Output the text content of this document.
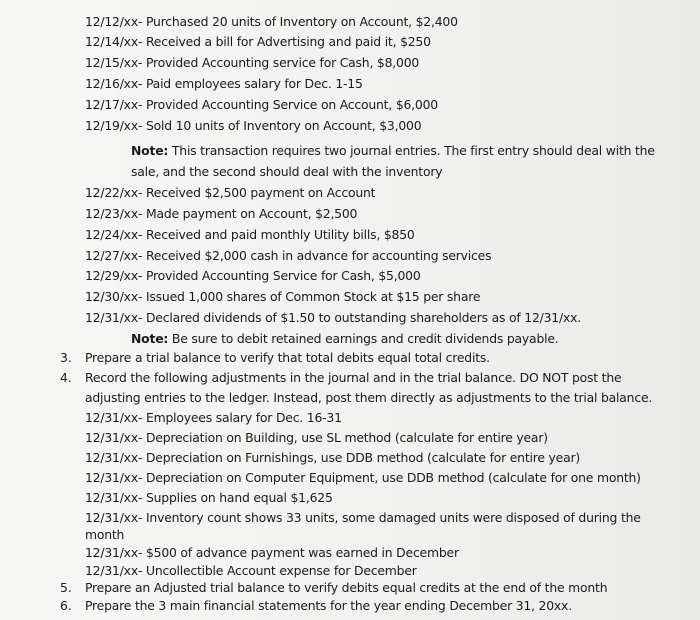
12/12/xx- Purchased 20 units of Inventory on Account, $2,400
12/14/xx- Received a bill for Advertising and paid it, $250
12/15/xx- Provided Accounting service for Cash, $8,000
12/16/xx- Paid employees salary for Dec. 1-15
12/17/xx- Provided Accounting Service on Account, $6,000
12/19/xx- Sold 10 units of Inventory on Account, $3,000
Note: This transaction requires two journal entries. The first entry should deal with the
sale, and the second should deal with the inventory
12/22/xx- Received $2,500 payment on Account
12/23/xx- Made payment on Account, $2,500
12/24/xx- Received and paid monthly Utility bills, $850
12/27/xx- Received $2,000 cash in advance for accounting services
12/29/xx- Provided Accounting Service for Cash, $5,000
12/30/xx- Issued 1,000 shares of Common Stock at $15 per share
12/31/xx- Declared dividends of $1.50 to outstanding shareholders as of 12/31/xx.
Note: Be sure to debit retained earnings and credit dividends payable.
3. Prepare a trial balance to verify that total debits equal total credits.
4. Record the following adjustments in the journal and in the trial balance. DO NOT post the
adjusting entries to the ledger. Instead, post them directly as adjustments to the trial balance.
12/31/xx- Employees salary for Dec. 16-31
12/31/xx- Depreciation on Building, use SL method (calculate for entire year)
12/31/xx- Depreciation on Furnishings, use DDB method (calculate for entire year)
12/31/xx- Depreciation on Computer Equipment, use DDB method (calculate for one month)
12/31/xx- Supplies on hand equal $1,625
12/31/xx- Inventory count shows 33 units, some damaged units were disposed of during the
month
12/31/xx- $500 of advance payment was earned in December
12/31/xx- Uncollectible Account expense for December
5. Prepare an Adjusted trial balance to verify debits equal credits at the end of the month
6. Prepare the 3 main financial statements for the year ending December 31, 20xx.
